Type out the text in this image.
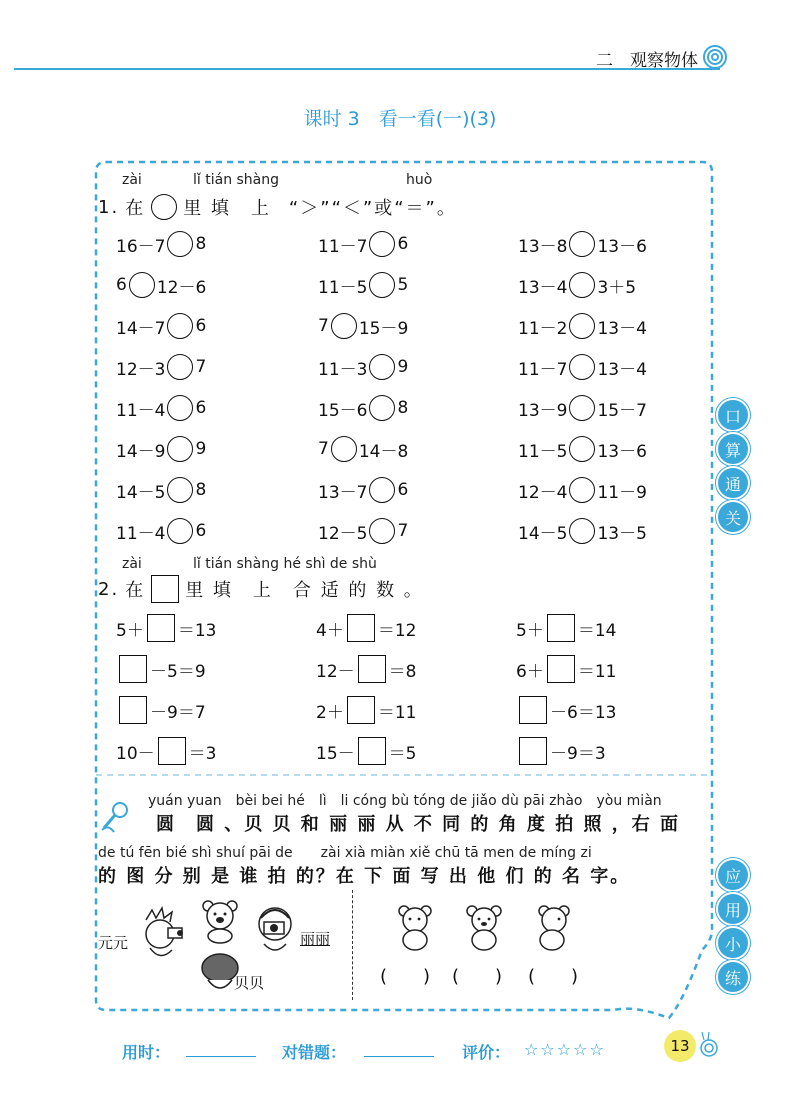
二　观察物体
课时 3　看一看(一)(3)
zài	lǐ tián shàng	huò
1. 在 里 填　上 “＞”“＜”或“＝”。
16－7 8	11－7 6	13－8 13－6
6 12－6	11－5 5	13－4 3＋5
14－7 6	7 15－9	11－2 13－4
12－3 7	11－3 9	11－7 13－4
11－4 6	15－6 8	13－9 15－7
14－9 9	7 14－8	11－5 13－6
14－5 8	13－7 6	12－4 11－9
11－4 6	12－5 7	14－5 13－5
zài	lǐ tián shàng hé shì de shù
2. 在 里 填　上　合 适 的 数 。
5＋ ＝13	4＋ ＝12	5＋ ＝14
－5＝9	12－ ＝8	6＋ ＝11
－9＝7	2＋ ＝11	－6＝13
10－ ＝3	15－ ＝5	－9＝3
yuán yuan　bèi bei hé　lì　li cóng bù tóng de jiǎo dù pāi zhào　yòu miàn
圆　圆 、贝 贝 和 丽 丽 从 不 同 的 角 度 拍 照 ，右 面
de tú fēn bié shì shuí pāi de　　zài xià miàn xiě chū tā men de míng zi
的 图 分 别 是 谁 拍 的？在 下 面 写 出 他 们 的 名 字。
元元	丽丽
贝贝	(　　) (　　) (　　)
口
算
通
关
应
用
小
练
用时：	对错题：	评价： ☆☆☆☆☆	13
